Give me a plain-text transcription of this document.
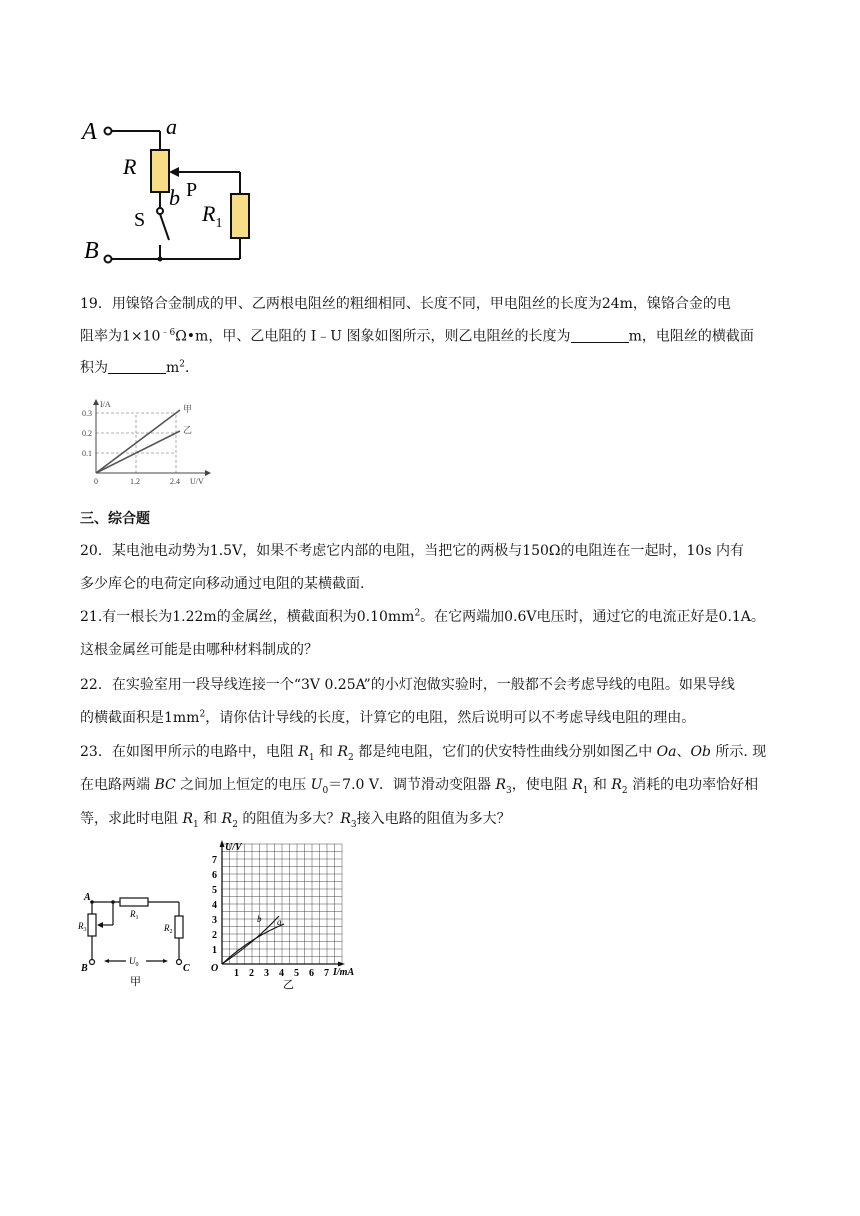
A	a
R
b P
S	$R_1$
B
19．用镍铬合金制成的甲、乙两根电阻丝的粗细相同、长度不同，甲电阻丝的长度为24m，镍铬合金的电
阻率为$1\times 10^{﹣6}\Omega•m$，甲、乙电阻的 I﹣U 图象如图所示，则乙电阻丝的长度为	m，电阻丝的横截面
积为	$m^2$．
I/A
U/V
0.1
0.2
0.3
0	1.2	2.4
甲
乙
三、综合题
20．某电池电动势为1.5V，如果不考虑它内部的电阻，当把它的两极与150Ω的电阻连在一起时，10s 内有
多少库仑的电荷定向移动通过电阻的某横截面.
21.有一根长为1.22m的金属丝，横截面积为$0.10mm^2$。在它两端加0.6V电压时，通过它的电流正好是0.1A。
这根金属丝可能是由哪种材料制成的？
22．在实验室用一段导线连接一个“3V 0.25A”的小灯泡做实验时，一般都不会考虑导线的电阻。如果导线
的横截面积是$1mm^2$，请你估计导线的长度，计算它的电阻，然后说明可以不考虑导线电阻的理由。
23．在如图甲所示的电路中，电阻 $R_1$ 和 $R_2$ 都是纯电阻，它们的伏安特性曲线分别如图乙中 Oa、Ob 所示. 现
在电路两端 BC 之间加上恒定的电压 $U_0=7.0$ V．调节滑动变阻器 $R_3$，使电阻 $R_1$ 和 $R_2$ 消耗的电功率恰好相
等，求此时电阻 $R_1$ 和 $R_2$ 的阻值为多大？$R_3$接入电路的阻值为多大？
A
$R_1$
$R_3$	$R_2$
$U_0$
B	C
甲
U/V
I/mA
O
7
6
5
4
3
2
1
1 2 3 4 5 6 7
a
b
乙
